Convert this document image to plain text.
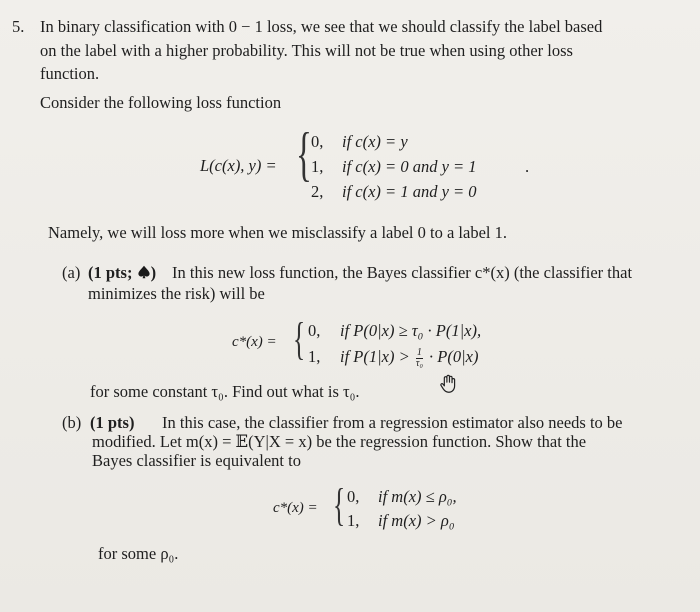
5. In binary classification with 0 − 1 loss, we see that we should classify the label based
on the label with a higher probability. This will not be true when using other loss
function.
Consider the following loss function
L(c(x), y) = { 0, if c(x) = y
1, if c(x) = 0 and y = 1
2, if c(x) = 1 and y = 0
.
Namely, we will loss more when we misclassify a label 0 to a label 1.
(a) (1 pts; ) In this new loss function, the Bayes classifier c*(x) (the classifier that
minimizes the risk) will be
c*(x) = { 0, if P(0|x) ≥ τ₀ · P(1|x),
1, if $P(1|x) > \frac{1}{\text{τ₀}} \cdot P(0|x)$
for some constant τ₀. Find out what is τ₀.
(b) (1 pts) In this case, the classifier from a regression estimator also needs to be
modified. Let m(x) = 𝔼(Y|X = x) be the regression function. Show that the
Bayes classifier is equivalent to
c*(x) = { 0, if m(x) ≤ ρ₀,
1, if m(x) > ρ₀
for some ρ₀.
